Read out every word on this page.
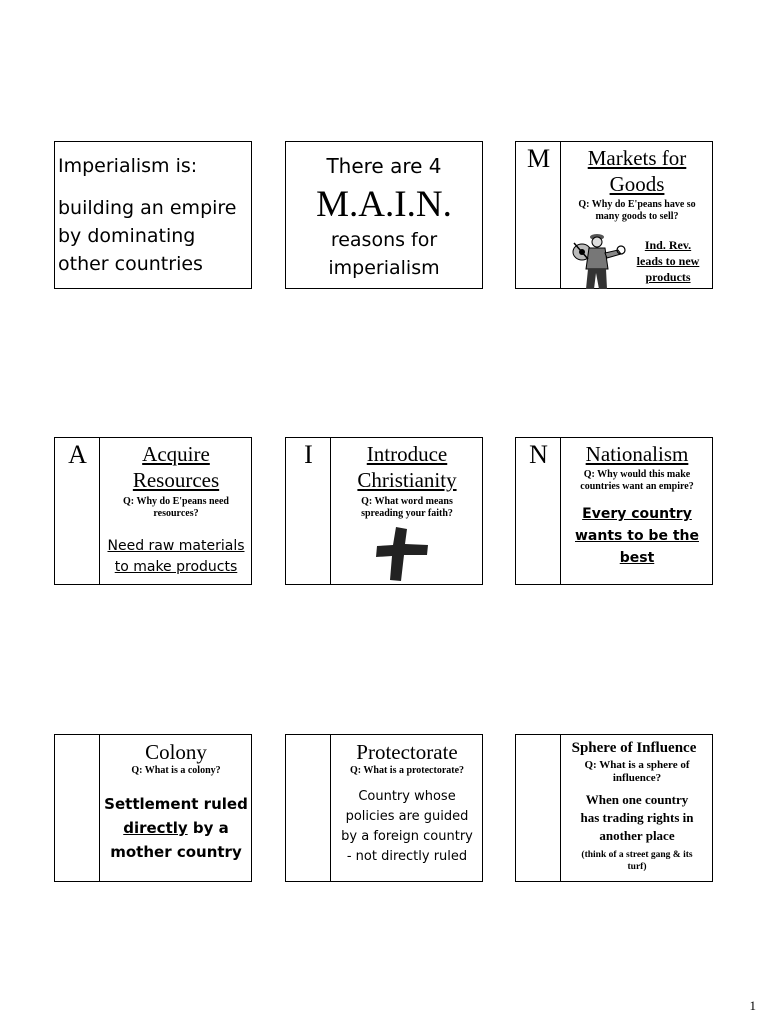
Imperialism is:
building an empire
by dominating
other countries
There are 4
M.A.I.N.
reasons for
imperialism
M	Markets for
Goods
Q: Why do E'peans have so
many goods to sell?
Ind. Rev.
leads to new
products
A	Acquire
Resources
Q: Why do E'peans need
resources?
Need raw materials
to make products
I	Introduce
Christianity
Q: What word means
spreading your faith?
N	Nationalism
Q: Why would this make
countries want an empire?
Every country
wants to be the
best
Colony
Q: What is a colony?
Settlement ruled
directly by a
mother country
Protectorate
Q: What is a protectorate?
Country whose
policies are guided
by a foreign country
- not directly ruled
Sphere of Influence
Q: What is a sphere of
influence?
When one country
has trading rights in
another place
(think of a street gang & its turf)
1
